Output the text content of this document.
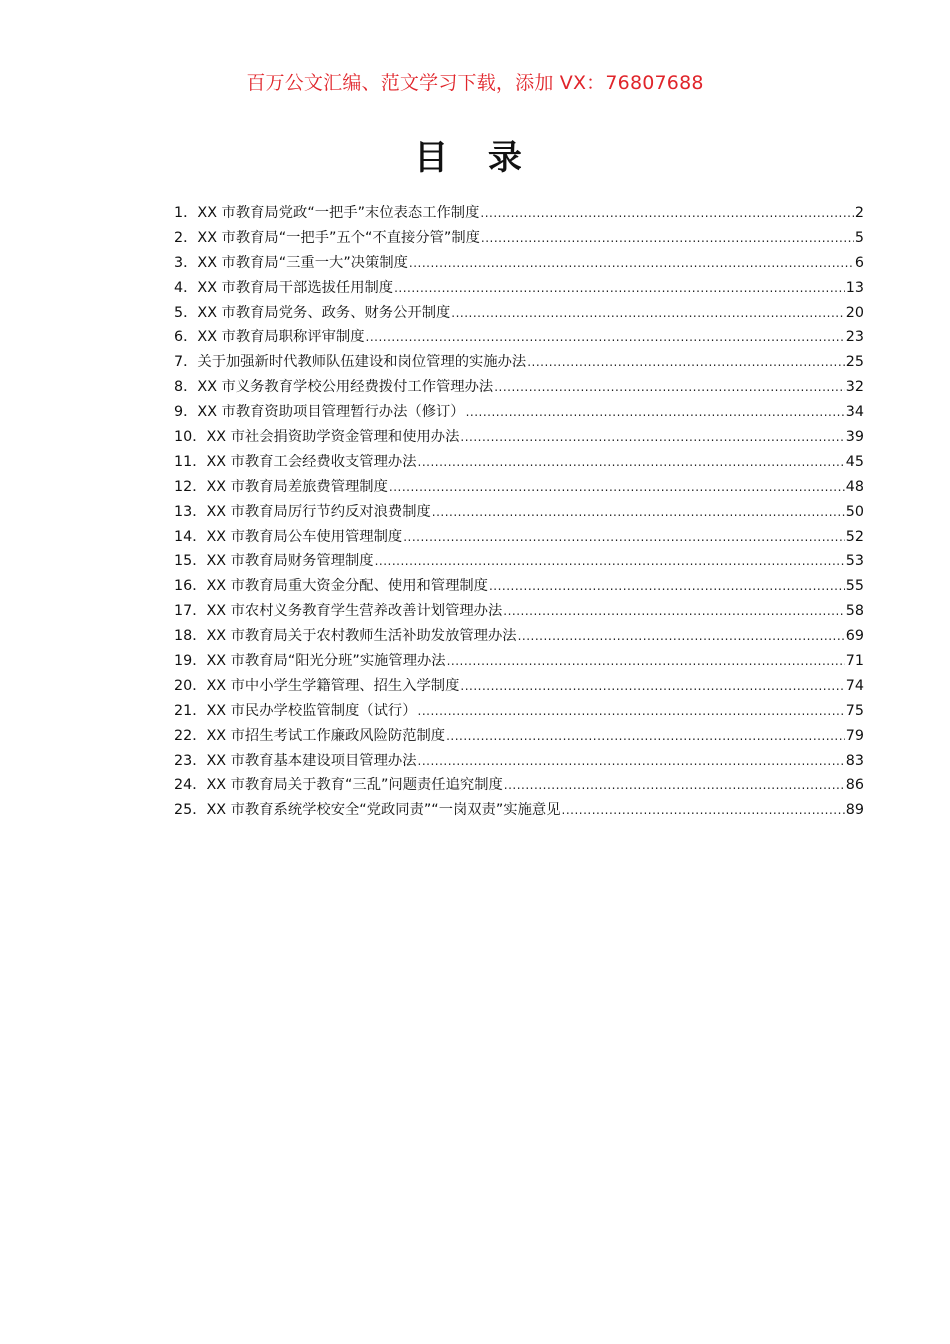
百万公文汇编、范文学习下载，添加 VX：76807688
目 录
1． XX 市教育局党政“一把手”末位表态工作制度 .....	2
2． XX 市教育局“一把手”五个“不直接分管”制度 .....	5
3． XX 市教育局“三重一大”决策制度 .....	6
4． XX 市教育局干部选拔任用制度 .....	13
5． XX 市教育局党务、政务、财务公开制度 .....	20
6． XX 市教育局职称评审制度 .....	23
7． 关于加强新时代教师队伍建设和岗位管理的实施办法 .....	25
8． XX 市义务教育学校公用经费拨付工作管理办法 .....	32
9． XX 市教育资助项目管理暂行办法（修订） .....	34
10． XX 市社会捐资助学资金管理和使用办法 .....	39
11． XX 市教育工会经费收支管理办法 .....	45
12． XX 市教育局差旅费管理制度 .....	48
13． XX 市教育局厉行节约反对浪费制度 .....	50
14． XX 市教育局公车使用管理制度 .....	52
15． XX 市教育局财务管理制度 .....	53
16． XX 市教育局重大资金分配、使用和管理制度 .....	55
17． XX 市农村义务教育学生营养改善计划管理办法 .....	58
18． XX 市教育局关于农村教师生活补助发放管理办法 .....	69
19． XX 市教育局“阳光分班”实施管理办法 .....	71
20． XX 市中小学生学籍管理、招生入学制度 .....	74
21． XX 市民办学校监管制度（试行） .....	75
22． XX 市招生考试工作廉政风险防范制度 .....	79
23． XX 市教育基本建设项目管理办法 .....	83
24． XX 市教育局关于教育“三乱”问题责任追究制度 .....	86
25． XX 市教育系统学校安全“党政同责”“一岗双责”实施意见 .....	89
